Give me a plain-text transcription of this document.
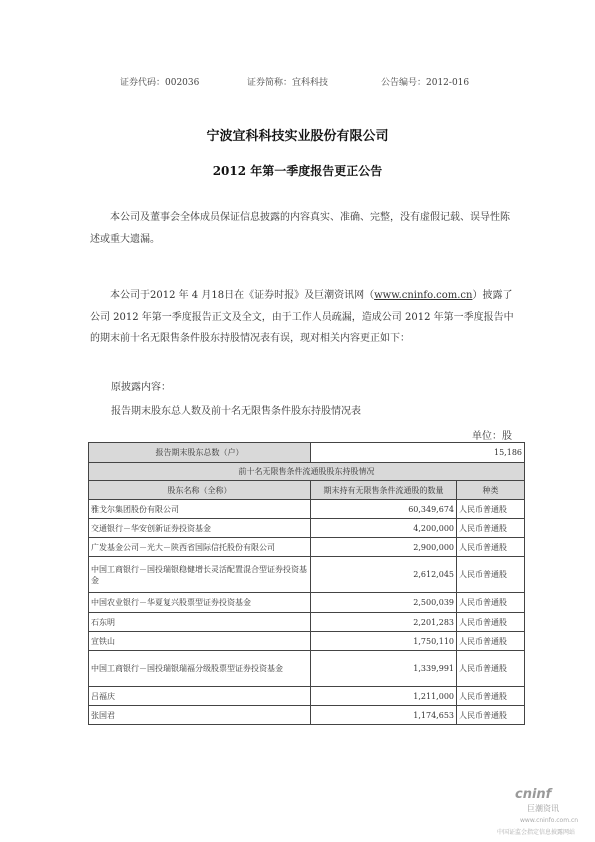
证券代码：002036	证券简称：宜科科技	公告编号：2012-016
宁波宜科科技实业股份有限公司
2012 年第一季度报告更正公告
本公司及董事会全体成员保证信息披露的内容真实、准确、完整，没有虚假记载、误导性陈述或重大遗漏。
本公司于2012 年 4 月18日在《证券时报》及巨潮资讯网（www.cninfo.com.cn）披露了公司 2012 年第一季度报告正文及全文，由于工作人员疏漏，造成公司 2012 年第一季度报告中的期末前十名无限售条件股东持股情况表有误，现对相关内容更正如下：
原披露内容：
报告期末股东总人数及前十名无限售条件股东持股情况表
单位：股
报告期末股东总数（户）	15,186	
前十名无限售条件流通股股东持股情况		
股东名称（全称）	期末持有无限售条件流通股的数量	种类
雅戈尔集团股份有限公司	60,349,674	人民币普通股
交通银行－华安创新证券投资基金	4,200,000	人民币普通股
广发基金公司－光大－陕西省国际信托股份有限公司	2,900,000	人民币普通股
中国工商银行－国投瑞银稳健增长灵活配置混合型证券投资基金	2,612,045	人民币普通股
中国农业银行－华夏复兴股票型证券投资基金	2,500,039	人民币普通股
石东明	2,201,283	人民币普通股
宣铁山	1,750,110	人民币普通股
中国工商银行－国投瑞银瑞福分级股票型证券投资基金	1,339,991	人民币普通股
吕福庆	1,211,000	人民币普通股
张国君	1,174,653	人民币普通股
cninf
巨潮资讯
www.cninfo.com.cn
中国证监会指定信息披露网站
